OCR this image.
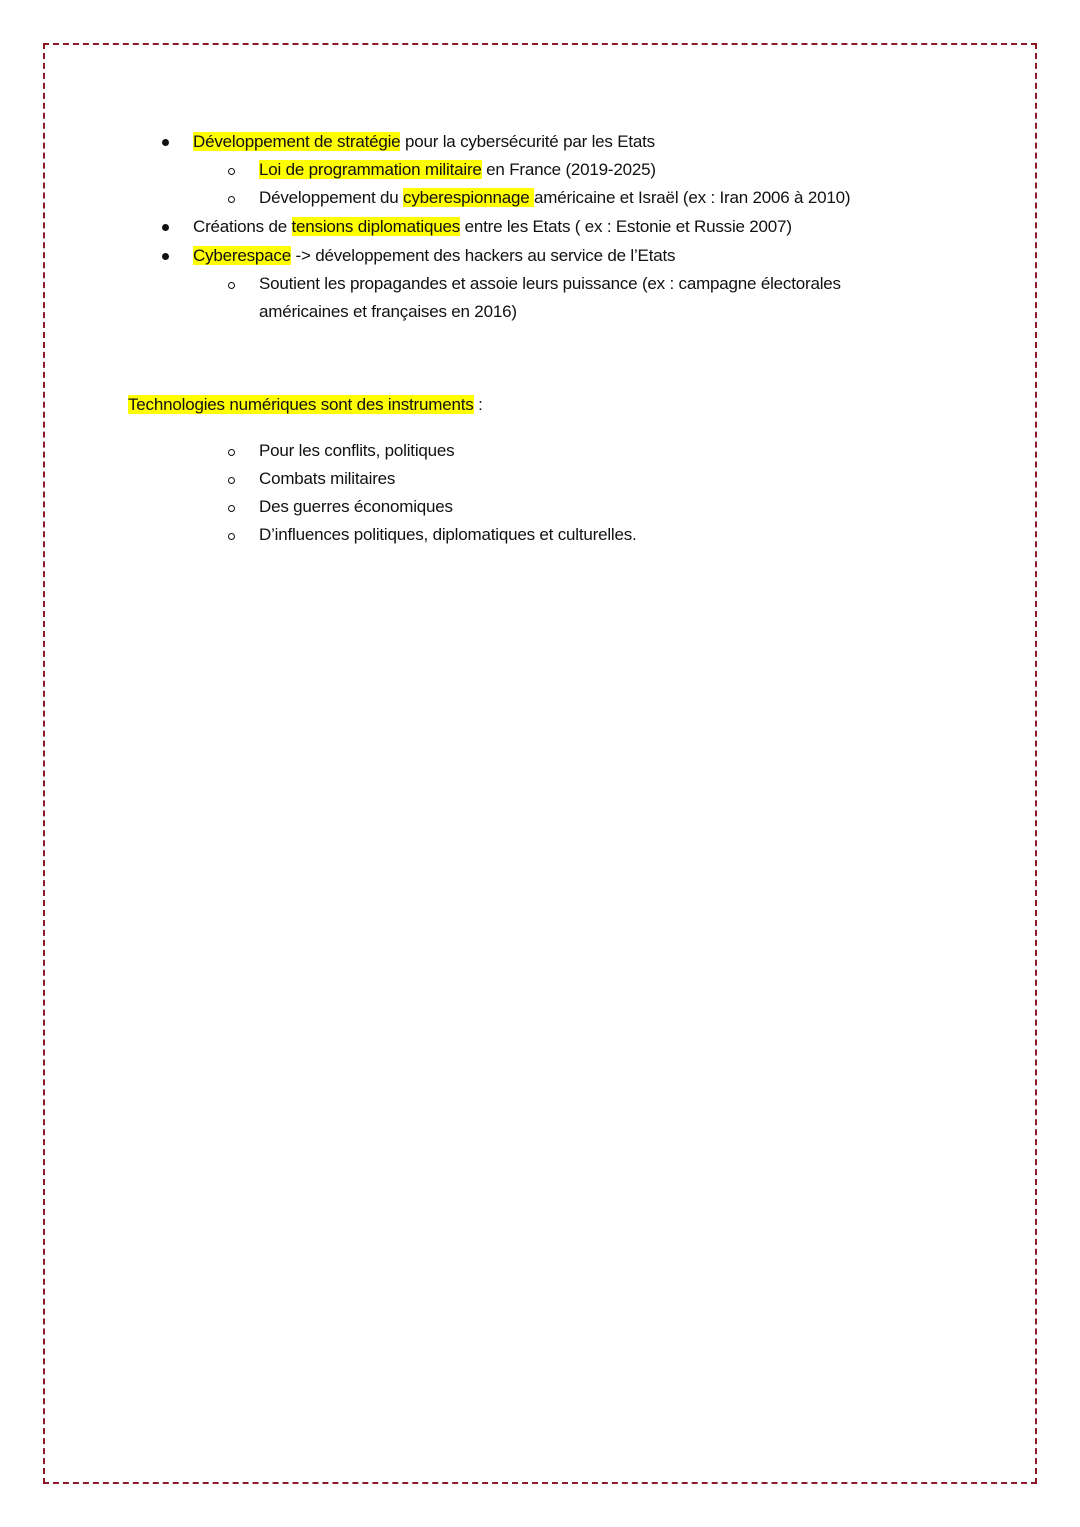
Développement de stratégie pour la cybersécurité par les Etats
Loi de programmation militaire en France (2019-2025)
Développement du cyberespionnage américaine et Israël (ex : Iran 2006 à 2010)
Créations de tensions diplomatiques entre les Etats ( ex : Estonie et Russie 2007)
Cyberespace -> développement des hackers au service de l’Etats
Soutient les propagandes et assoie leurs puissance (ex : campagne électorales
américaines et françaises en 2016)
Technologies numériques sont des instruments :
Pour les conflits, politiques
Combats militaires
Des guerres économiques
D’influences politiques, diplomatiques et culturelles.
